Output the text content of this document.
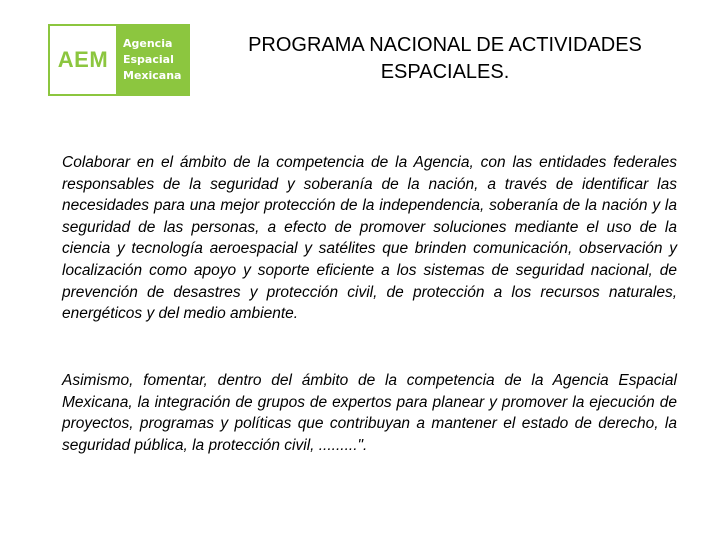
AEM
Agencia
Espacial
Mexicana
PROGRAMA NACIONAL DE ACTIVIDADES ESPACIALES.

Colaborar en el ámbito de la competencia de la Agencia, con las entidades federales responsables de la seguridad y soberanía de la nación, a través de identificar las necesidades para una mejor protección de la independencia, soberanía de la nación y la seguridad de las personas, a efecto de promover soluciones mediante el uso de la ciencia y tecnología aeroespacial y satélites que brinden comunicación, observación y localización como apoyo y soporte eficiente a los sistemas de seguridad nacional, de prevención de desastres y protección civil, de protección a los recursos naturales, energéticos y del medio ambiente.

Asimismo, fomentar, dentro del ámbito de la competencia de la Agencia Espacial Mexicana, la integración de grupos de expertos para planear y promover la ejecución de proyectos, programas y políticas que contribuyan a mantener el estado de derecho, la seguridad pública, la protección civil, .........".
